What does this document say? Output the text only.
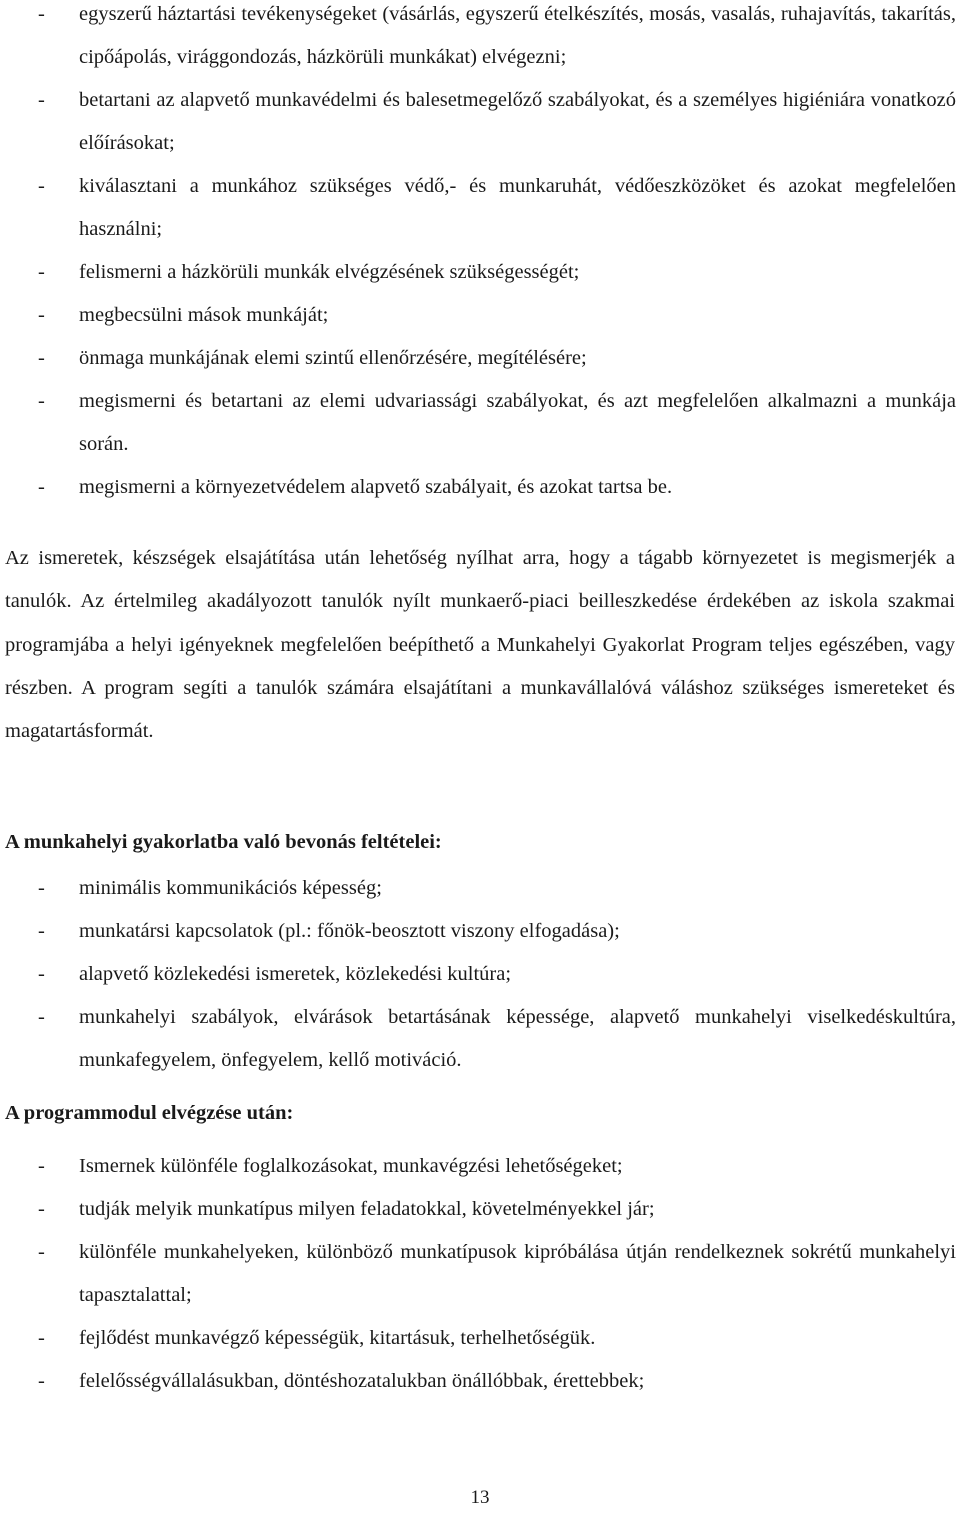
- egyszerű háztartási tevékenységeket (vásárlás, egyszerű ételkészítés, mosás, vasalás, ruhajavítás, takarítás, cipőápolás, virággondozás, házkörüli munkákat) elvégezni;
- betartani az alapvető munkavédelmi és balesetmegelőző szabályokat, és a személyes higiéniára vonatkozó előírásokat;
- kiválasztani a munkához szükséges védő,- és munkaruhát, védőeszközöket és azokat megfelelően használni;
- felismerni a házkörüli munkák elvégzésének szükségességét;
- megbecsülni mások munkáját;
- önmaga munkájának elemi szintű ellenőrzésére, megítélésére;
- megismerni és betartani az elemi udvariassági szabályokat, és azt megfelelően alkalmazni a munkája során.
- megismerni a környezetvédelem alapvető szabályait, és azokat tartsa be.

Az ismeretek, készségek elsajátítása után lehetőség nyílhat arra, hogy a tágabb környezetet is megismerjék a tanulók. Az értelmileg akadályozott tanulók nyílt munkaerő-piaci beilleszkedése érdekében az iskola szakmai programjába a helyi igényeknek megfelelően beépíthető a Munkahelyi Gyakorlat Program teljes egészében, vagy részben. A program segíti a tanulók számára elsajátítani a munkavállalóvá váláshoz szükséges ismereteket és magatartásformát.

A munkahelyi gyakorlatba való bevonás feltételei:
- minimális kommunikációs képesség;
- munkatársi kapcsolatok (pl.: főnök-beosztott viszony elfogadása);
- alapvető közlekedési ismeretek, közlekedési kultúra;
- munkahelyi szabályok, elvárások betartásának képessége, alapvető munkahelyi viselkedéskultúra, munkafegyelem, önfegyelem, kellő motiváció.
A programmodul elvégzése után:
- Ismernek különféle foglalkozásokat, munkavégzési lehetőségeket;
- tudják melyik munkatípus milyen feladatokkal, követelményekkel jár;
- különféle munkahelyeken, különböző munkatípusok kipróbálása útján rendelkeznek sokrétű munkahelyi tapasztalattal;
- fejlődést munkavégző képességük, kitartásuk, terhelhetőségük.
- felelősségvállalásukban, döntéshozatalukban önállóbbak, érettebbek;
13
